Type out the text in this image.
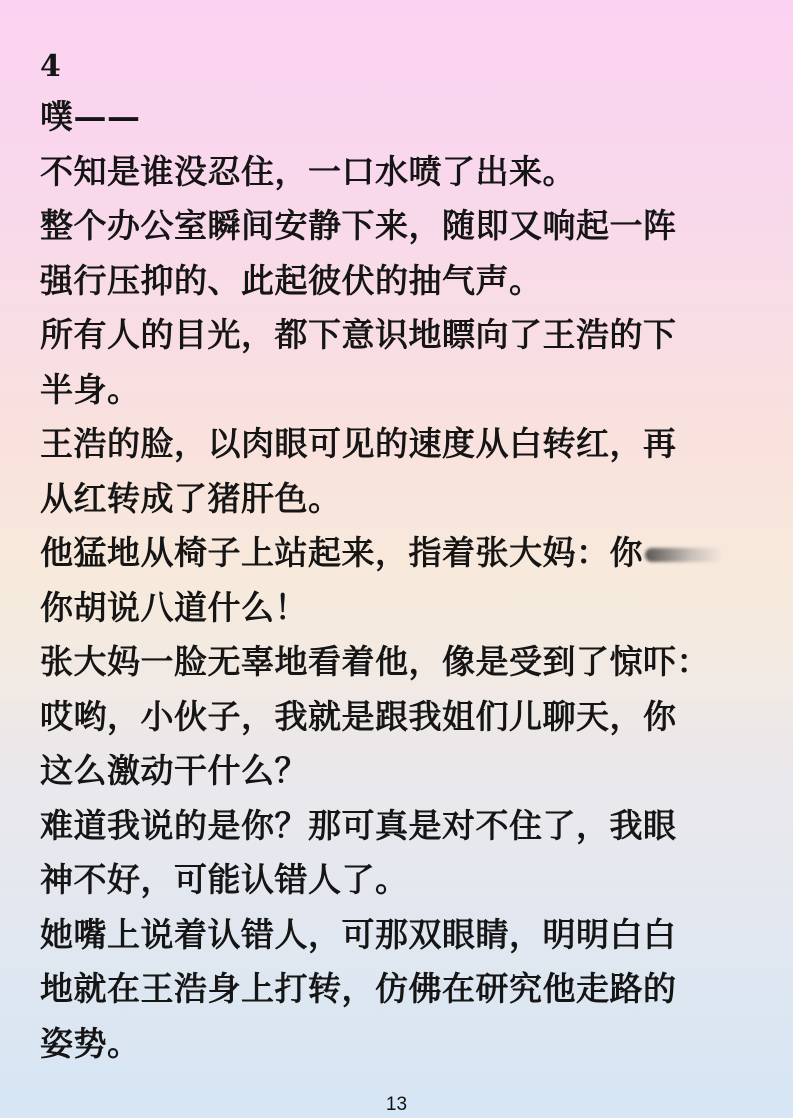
4
噗——
不知是谁没忍住，一口水喷了出来。
整个办公室瞬间安静下来，随即又响起一阵
强行压抑的、此起彼伏的抽气声。
所有人的目光，都下意识地瞟向了王浩的下
半身。
王浩的脸，以肉眼可见的速度从白转红，再
从红转成了猪肝色。
他猛地从椅子上站起来，指着张大妈：你
你胡说八道什么！
张大妈一脸无辜地看着他，像是受到了惊吓：
哎哟，小伙子，我就是跟我姐们儿聊天，你
这么激动干什么？
难道我说的是你？那可真是对不住了，我眼
神不好，可能认错人了。
她嘴上说着认错人，可那双眼睛，明明白白
地就在王浩身上打转，仿佛在研究他走路的
姿势。
13
